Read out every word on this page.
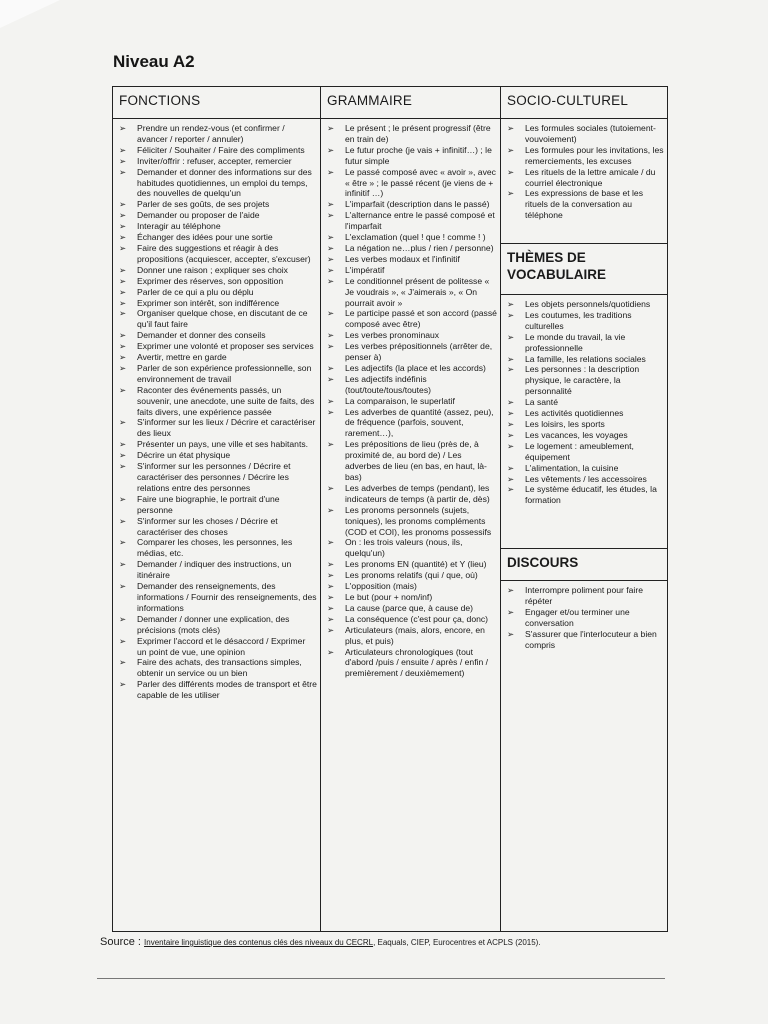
Niveau A2
FONCTIONS
➢ Prendre un rendez-vous (et confirmer / avancer / reporter / annuler)
➢ Féliciter / Souhaiter / Faire des compliments
➢ Inviter/offrir : refuser, accepter, remercier
➢ Demander et donner des informations sur des habitudes quotidiennes, un emploi du temps, des nouvelles de quelqu'un
➢ Parler de ses goûts, de ses projets
➢ Demander ou proposer de l'aide
➢ Interagir au téléphone
➢ Échanger des idées pour une sortie
➢ Faire des suggestions et réagir à des propositions (acquiescer, accepter, s'excuser)
➢ Donner une raison ; expliquer ses choix
➢ Exprimer des réserves, son opposition
➢ Parler de ce qui a plu ou déplu
➢ Exprimer son intérêt, son indifférence
➢ Organiser quelque chose, en discutant de ce qu'il faut faire
➢ Demander et donner des conseils
➢ Exprimer une volonté et proposer ses services
➢ Avertir, mettre en garde
➢ Parler de son expérience professionnelle, son environnement de travail
➢ Raconter des événements passés, un souvenir, une anecdote, une suite de faits, des faits divers, une expérience passée
➢ S'informer sur les lieux / Décrire et caractériser des lieux
➢ Présenter un pays, une ville et ses habitants.
➢ Décrire un état physique
➢ S'informer sur les personnes / Décrire et caractériser des personnes / Décrire les relations entre des personnes
➢ Faire une biographie, le portrait d'une personne
➢ S'informer sur les choses / Décrire et caractériser des choses
➢ Comparer les choses, les personnes, les médias, etc.
➢ Demander / indiquer des instructions, un itinéraire
➢ Demander des renseignements, des informations / Fournir des renseignements, des informations
➢ Demander / donner une explication, des précisions (mots clés)
➢ Exprimer l'accord et le désaccord / Exprimer un point de vue, une opinion
➢ Faire des achats, des transactions simples, obtenir un service ou un bien
➢ Parler des différents modes de transport et être capable de les utiliser
GRAMMAIRE
➢ Le présent ; le présent progressif (être en train de)
➢ Le futur proche (je vais + infinitif…) ; le futur simple
➢ Le passé composé avec « avoir », avec « être » ; le passé récent (je viens de + infinitif …)
➢ L'imparfait (description dans le passé)
➢ L'alternance entre le passé composé et l'imparfait
➢ L'exclamation (quel ! que ! comme ! )
➢ La négation ne…plus / rien / personne)
➢ Les verbes modaux et l'infinitif
➢ L'impératif
➢ Le conditionnel présent de politesse « Je voudrais », « J'aimerais », « On pourrait avoir »
➢ Le participe passé et son accord (passé composé avec être)
➢ Les verbes pronominaux
➢ Les verbes prépositionnels (arrêter de, penser à)
➢ Les adjectifs (la place et les accords)
➢ Les adjectifs indéfinis (tout/toute/tous/toutes)
➢ La comparaison, le superlatif
➢ Les adverbes de quantité (assez, peu), de fréquence (parfois, souvent, rarement…),
➢ Les prépositions de lieu (près de, à proximité de, au bord de) / Les adverbes de lieu (en bas, en haut, là-bas)
➢ Les adverbes de temps (pendant), les indicateurs de temps (à partir de, dès)
➢ Les pronoms personnels (sujets, toniques), les pronoms compléments (COD et COI), les pronoms possessifs
➢ On : les trois valeurs (nous, ils, quelqu'un)
➢ Les pronoms EN (quantité) et Y (lieu)
➢ Les pronoms relatifs (qui / que, où)
➢ L'opposition (mais)
➢ Le but (pour + nom/inf)
➢ La cause (parce que, à cause de)
➢ La conséquence (c'est pour ça, donc)
➢ Articulateurs (mais, alors, encore, en plus, et puis)
➢ Articulateurs chronologiques (tout d'abord /puis / ensuite / après / enfin / premièrement / deuxièmement)
SOCIO-CULTUREL
➢ Les formules sociales (tutoiement-vouvoiement)
➢ Les formules pour les invitations, les remerciements, les excuses
➢ Les rituels de la lettre amicale / du courriel électronique
➢ Les expressions de base et les rituels de la conversation au téléphone
THÈMES DE
VOCABULAIRE
➢ Les objets personnels/quotidiens
➢ Les coutumes, les traditions culturelles
➢ Le monde du travail, la vie professionnelle
➢ La famille, les relations sociales
➢ Les personnes : la description physique, le caractère, la personnalité
➢ La santé
➢ Les activités quotidiennes
➢ Les loisirs, les sports
➢ Les vacances, les voyages
➢ Le logement : ameublement, équipement
➢ L'alimentation, la cuisine
➢ Les vêtements / les accessoires
➢ Le système éducatif, les études, la formation
DISCOURS
➢ Interrompre poliment pour faire répéter
➢ Engager et/ou terminer une conversation
➢ S'assurer que l'interlocuteur a bien compris
Source : Inventaire linguistique des contenus clés des niveaux du CECRL, Eaquals, CIEP, Eurocentres et ACPLS (2015).
